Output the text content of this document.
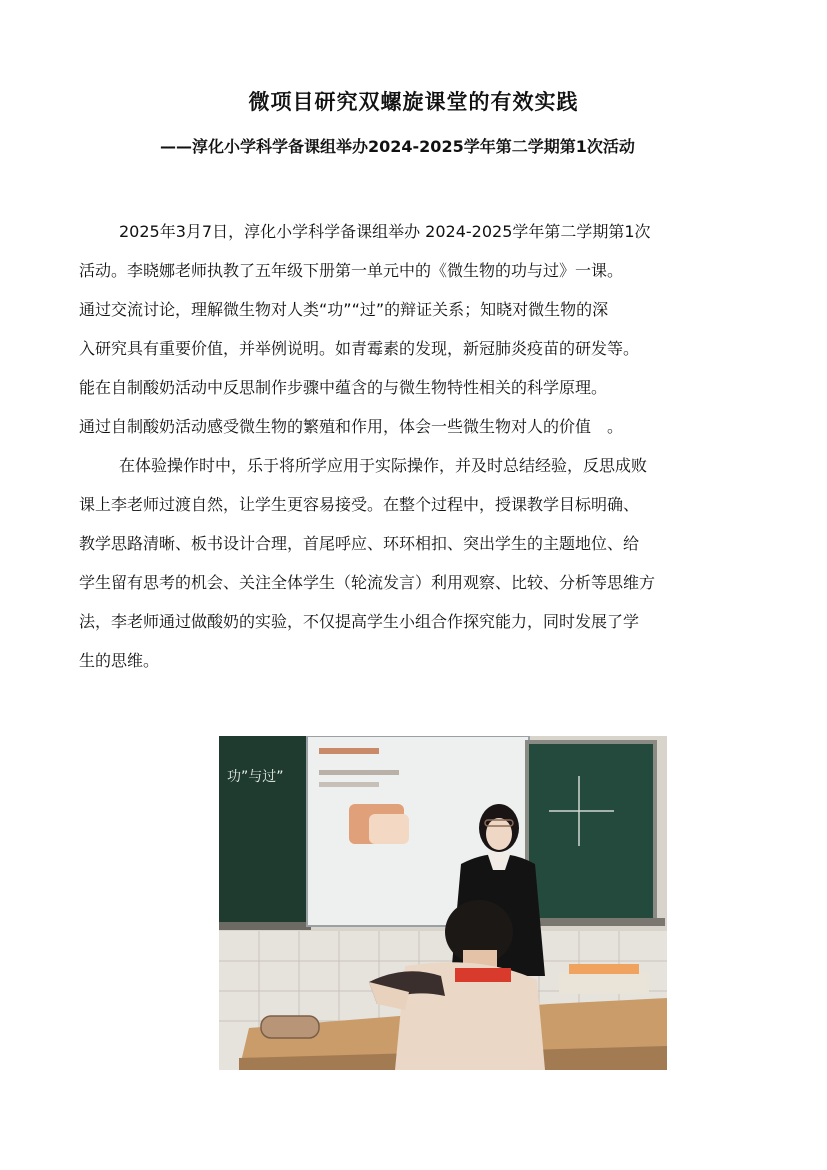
微项目研究双螺旋课堂的有效实践
——淳化小学科学备课组举办2024-2025学年第二学期第1次活动
2025年3月7日，淳化小学科学备课组举办 2024-2025学年第二学期第1次
活动。李晓娜老师执教了五年级下册第一单元中的《微生物的功与过》一课。
通过交流讨论，理解微生物对人类“功”“过”的辩证关系；知晓对微生物的深
入研究具有重要价值，并举例说明。如青霉素的发现，新冠肺炎疫苗的研发等。
能在自制酸奶活动中反思制作步骤中蕴含的与微生物特性相关的科学原理。
通过自制酸奶活动感受微生物的繁殖和作用，体会一些微生物对人的价值　。
在体验操作时中，乐于将所学应用于实际操作，并及时总结经验，反思成败
课上李老师过渡自然，让学生更容易接受。在整个过程中，授课教学目标明确、
教学思路清晰、板书设计合理，首尾呼应、环环相扣、突出学生的主题地位、给
学生留有思考的机会、关注全体学生（轮流发言）利用观察、比较、分析等思维方
法，李老师通过做酸奶的实验，不仅提高学生小组合作探究能力，同时发展了学
生的思维。
功”与过”
